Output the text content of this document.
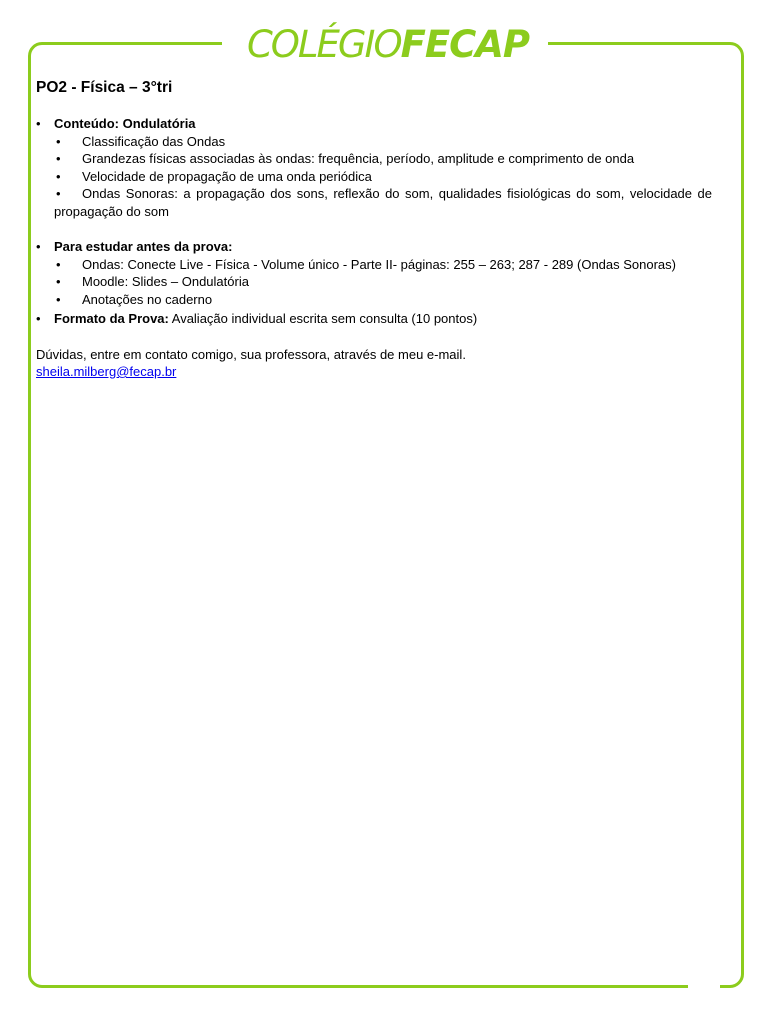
COLÉGIO FECAP
PO2 - Física – 3°tri
•	Conteúdo: Ondulatória
•	Classificação das Ondas
•	Grandezas físicas associadas às ondas: frequência, período, amplitude e comprimento de onda
•	Velocidade de propagação de uma onda periódica
• Ondas Sonoras: a propagação dos sons, reflexão do som, qualidades fisiológicas do som, velocidade de propagação do som
•	Para estudar antes da prova:
•	Ondas: Conecte Live - Física - Volume único - Parte II- páginas: 255 – 263; 287 - 289 (Ondas Sonoras)
•	Moodle: Slides – Ondulatória
•	Anotações no caderno
•	Formato da Prova: Avaliação individual escrita sem consulta (10 pontos)

Dúvidas, entre em contato comigo, sua professora, através de meu e-mail.

sheila.milberg@fecap.br
